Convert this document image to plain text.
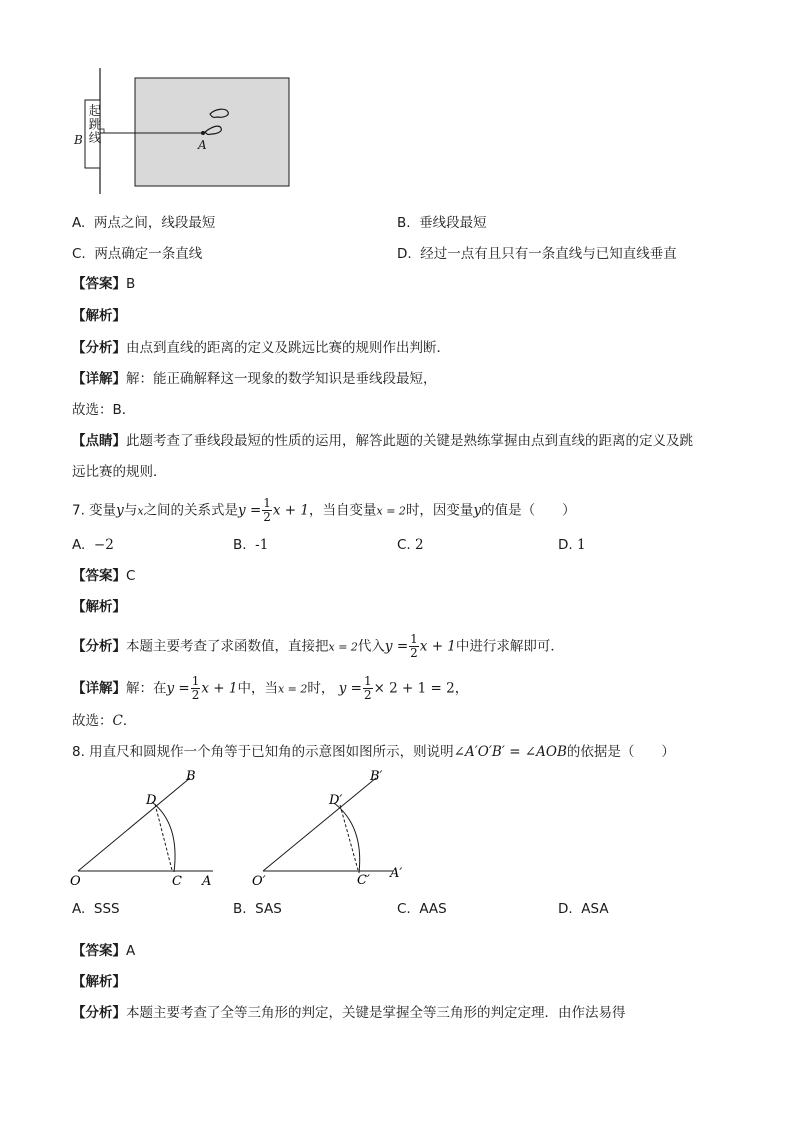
B	A
起跳线
A. 两点之间，线段最短	B. 垂线段最短
C. 两点确定一条直线	D. 经过一点有且只有一条直线与已知直线垂直
【答案】B
【解析】
【分析】由点到直线的距离的定义及跳远比赛的规则作出判断．
【详解】解：能正确解释这一现象的数学知识是垂线段最短，
故选：B．
【点睛】此题考查了垂线段最短的性质的运用，解答此题的关键是熟练掌握由点到直线的距离的定义及跳
远比赛的规则．
7. 变量y与x之间的关系式是$y = \frac{1}{2}$ x + 1，当自变量x = 2时，因变量y的值是（　　）
A. −2	B. -1	C. 2	D. 1
【答案】C
【解析】
【分析】本题主要考查了求函数值，直接把x = 2代入$y = \frac{1}{2}$ x + 1中进行求解即可．
【详解】解：在$y = \frac{1}{2}$ x + 1中，当x = 2时， $y = \frac{1}{2} \times 2 + 1 = 2$，
故选：C．
8. 用直尺和圆规作一个角等于已知角的示意图如图所示，则说明∠A′O′B′ = ∠AOB的依据是（　　）
B
D
O	C A
B′
D′
O′	C′ A′
A. SSS	B. SAS	C. AAS	D. ASA
【答案】A
【解析】
【分析】本题主要考查了全等三角形的判定，关键是掌握全等三角形的判定定理．由作法易得
